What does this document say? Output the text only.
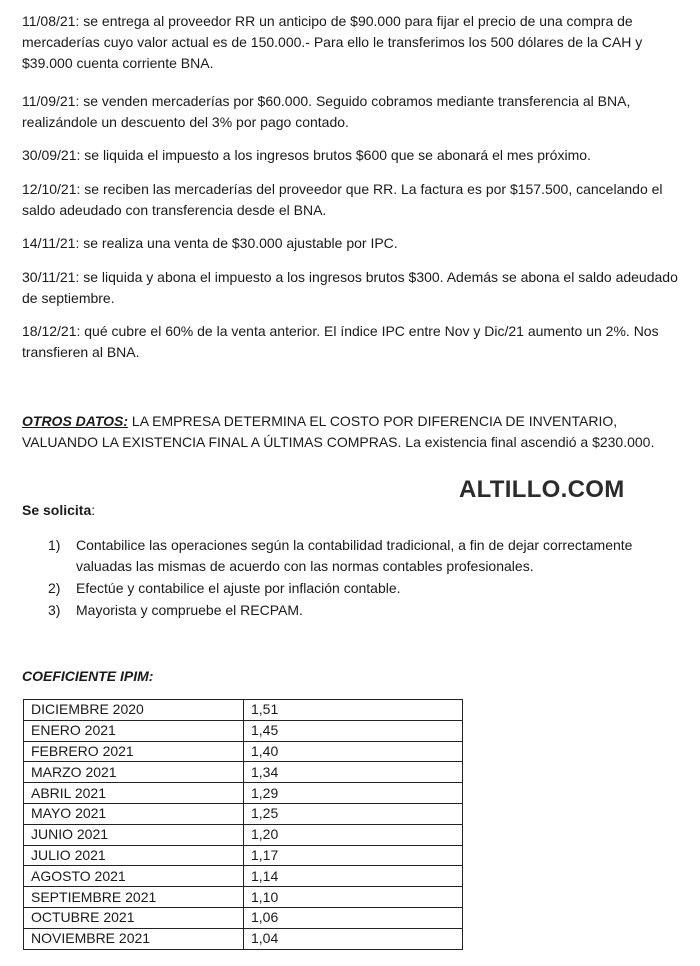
11/08/21: se entrega al proveedor RR un anticipo de $90.000 para fijar el precio de una compra de mercaderías cuyo valor actual es de 150.000.- Para ello le transferimos los 500 dólares de la CAH y $39.000 cuenta corriente BNA.

11/09/21: se venden mercaderías por $60.000. Seguido cobramos mediante transferencia al BNA, realizándole un descuento del 3% por pago contado.

30/09/21: se liquida el impuesto a los ingresos brutos $600 que se abonará el mes próximo.

12/10/21: se reciben las mercaderías del proveedor que RR. La factura es por $157.500, cancelando el saldo adeudado con transferencia desde el BNA.

14/11/21: se realiza una venta de $30.000 ajustable por IPC.

30/11/21: se liquida y abona el impuesto a los ingresos brutos $300. Además se abona el saldo adeudado de septiembre.

18/12/21: qué cubre el 60% de la venta anterior. El índice IPC entre Nov y Dic/21 aumento un 2%. Nos transfieren al BNA.

OTROS DATOS: LA EMPRESA DETERMINA EL COSTO POR DIFERENCIA DE INVENTARIO, VALUANDO LA EXISTENCIA FINAL A ÚLTIMAS COMPRAS. La existencia final ascendió a $230.000.

ALTILLO.COM
Se solicita:
1) Contabilice las operaciones según la contabilidad tradicional, a fin de dejar correctamente valuadas las mismas de acuerdo con las normas contables profesionales.
2) Efectúe y contabilice el ajuste por inflación contable.
3) Mayorista y compruebe el RECPAM.
COEFICIENTE IPIM:
DICIEMBRE 2020	1,51
ENERO 2021	1,45
FEBRERO 2021	1,40
MARZO 2021	1,34
ABRIL 2021	1,29
MAYO 2021	1,25
JUNIO 2021	1,20
JULIO 2021	1,17
AGOSTO 2021	1,14
SEPTIEMBRE 2021	1,10
OCTUBRE 2021	1,06
NOVIEMBRE 2021	1,04
